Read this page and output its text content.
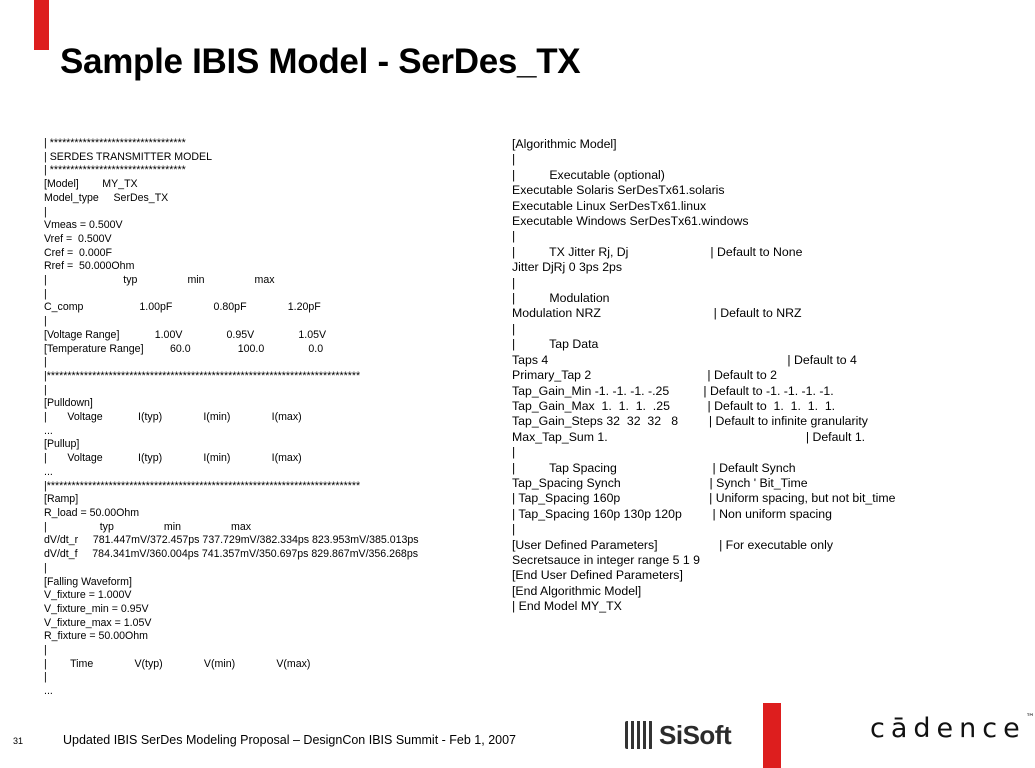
Sample IBIS Model - SerDes_TX
| *********************************
| SERDES TRANSMITTER MODEL
| *********************************
[Model]        MY_TX
Model_type     SerDes_TX
|
Vmeas = 0.500V
Vref =  0.500V
Cref =  0.000F
Rref =  50.000Ohm
|                          typ                 min                 max
|
C_comp                   1.00pF              0.80pF              1.20pF
|
[Voltage Range]            1.00V               0.95V               1.05V
[Temperature Range]         60.0                100.0               0.0
|
|****************************************************************************
|
[Pulldown]
|       Voltage            I(typ)              I(min)              I(max)
...
[Pullup]
|       Voltage            I(typ)              I(min)              I(max)
...
|****************************************************************************
[Ramp]
R_load = 50.00Ohm
|                  typ                 min                 max
dV/dt_r     781.447mV/372.457ps 737.729mV/382.334ps 823.953mV/385.013ps
dV/dt_f     784.341mV/360.004ps 741.357mV/350.697ps 829.867mV/356.268ps
|
[Falling Waveform]
V_fixture = 1.000V
V_fixture_min = 0.95V
V_fixture_max = 1.05V
R_fixture = 50.00Ohm
|
|        Time              V(typ)              V(min)              V(max)
|
...
[Algorithmic Model]
|
|          Executable (optional)
Executable Solaris SerDesTx61.solaris
Executable Linux SerDesTx61.linux
Executable Windows SerDesTx61.windows
|
|          TX Jitter Rj, Dj                        | Default to None
Jitter DjRj 0 3ps 2ps
|
|          Modulation
Modulation NRZ                                 | Default to NRZ
|
|          Tap Data
Taps 4                                                                      | Default to 4
Primary_Tap 2                                  | Default to 2
Tap_Gain_Min -1. -1. -1. -.25          | Default to -1. -1. -1. -1.
Tap_Gain_Max  1.  1.  1.  .25           | Default to  1.  1.  1.  1.
Tap_Gain_Steps 32  32  32   8         | Default to infinite granularity
Max_Tap_Sum 1.                                                          | Default 1.
|
|          Tap Spacing                            | Default Synch
Tap_Spacing Synch                          | Synch ' Bit_Time
| Tap_Spacing 160p                          | Uniform spacing, but not bit_time
| Tap_Spacing 160p 130p 120p         | Non uniform spacing
|
[User Defined Parameters]                  | For executable only
Secretsauce in integer range 5 1 9
[End User Defined Parameters]
[End Algorithmic Model]
| End Model MY_TX
31	Updated IBIS SerDes Modeling Proposal – DesignCon IBIS Summit - Feb 1, 2007	SiSoft	cādence™
